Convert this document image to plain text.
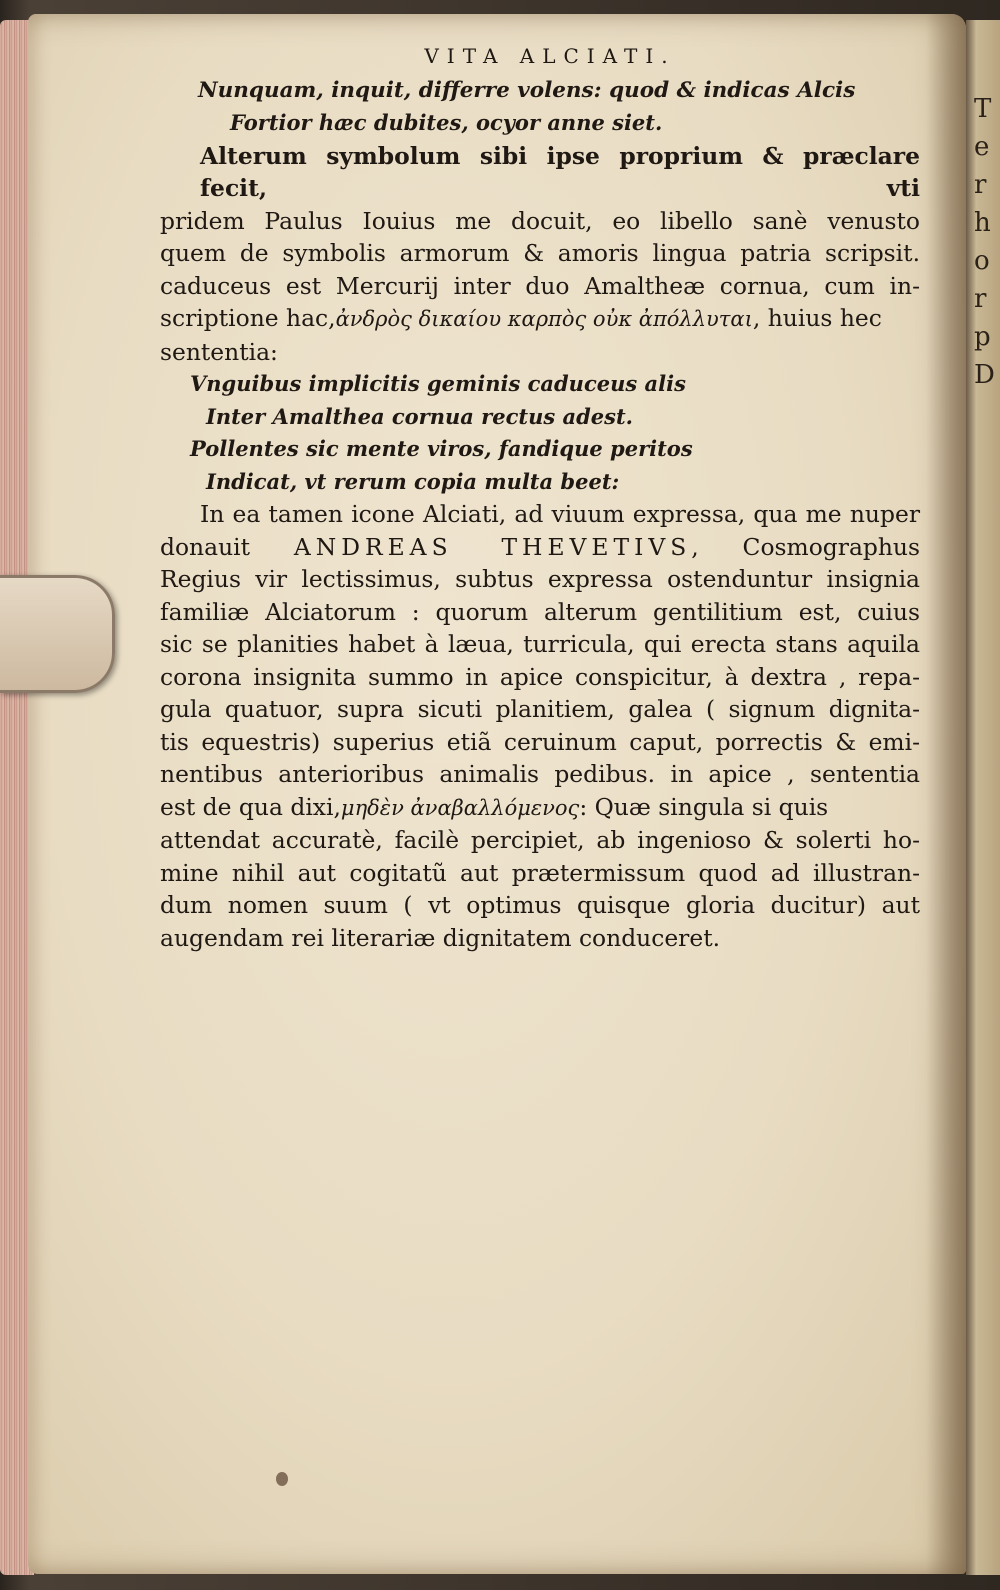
Terhor p D

VITA ALCIATI.
Nunquam, inquit, differre volens: quod & indicas Alcis
Fortior hæc dubites, ocyor anne siet.
Alterum symbolum sibi ipse proprium & præclare fecit, vti
pridem Paulus Iouius me docuit, eo libello sanè venusto
quem de symbolis armorum & amoris lingua patria scripsit.
caduceus est Mercurij inter duo Amaltheæ cornua, cum in-
scriptione hac,ἀνδρὸς δικαίου καρπὸς οὐκ ἀπόλλυται, huius hec
sententia:
Vnguibus implicitis geminis caduceus alis
Inter Amalthea cornua rectus adest.
Pollentes sic mente viros, fandique peritos
Indicat, vt rerum copia multa beet:
In ea tamen icone Alciati, ad viuum expressa, qua me nuper
donauit ANDREAS THEVETIVS, Cosmographus
Regius vir lectissimus, subtus expressa ostenduntur insignia
familiæ Alciatorum : quorum alterum gentilitium est, cuius
sic se planities habet à læua, turricula, qui erecta stans aquila
corona insignita summo in apice conspicitur, à dextra , repa-
gula quatuor, supra sicuti planitiem, galea ( signum dignita-
tis equestris) superius etiã ceruinum caput, porrectis & emi-
nentibus anterioribus animalis pedibus. in apice , sententia
est de qua dixi,μηδὲν ἀναβαλλόμενος: Quæ singula si quis
attendat accuratè, facilè percipiet, ab ingenioso & solerti ho-
mine nihil aut cogitatũ aut prætermissum quod ad illustran-
dum nomen suum ( vt optimus quisque gloria ducitur) aut
augendam rei literariæ dignitatem conduceret.
